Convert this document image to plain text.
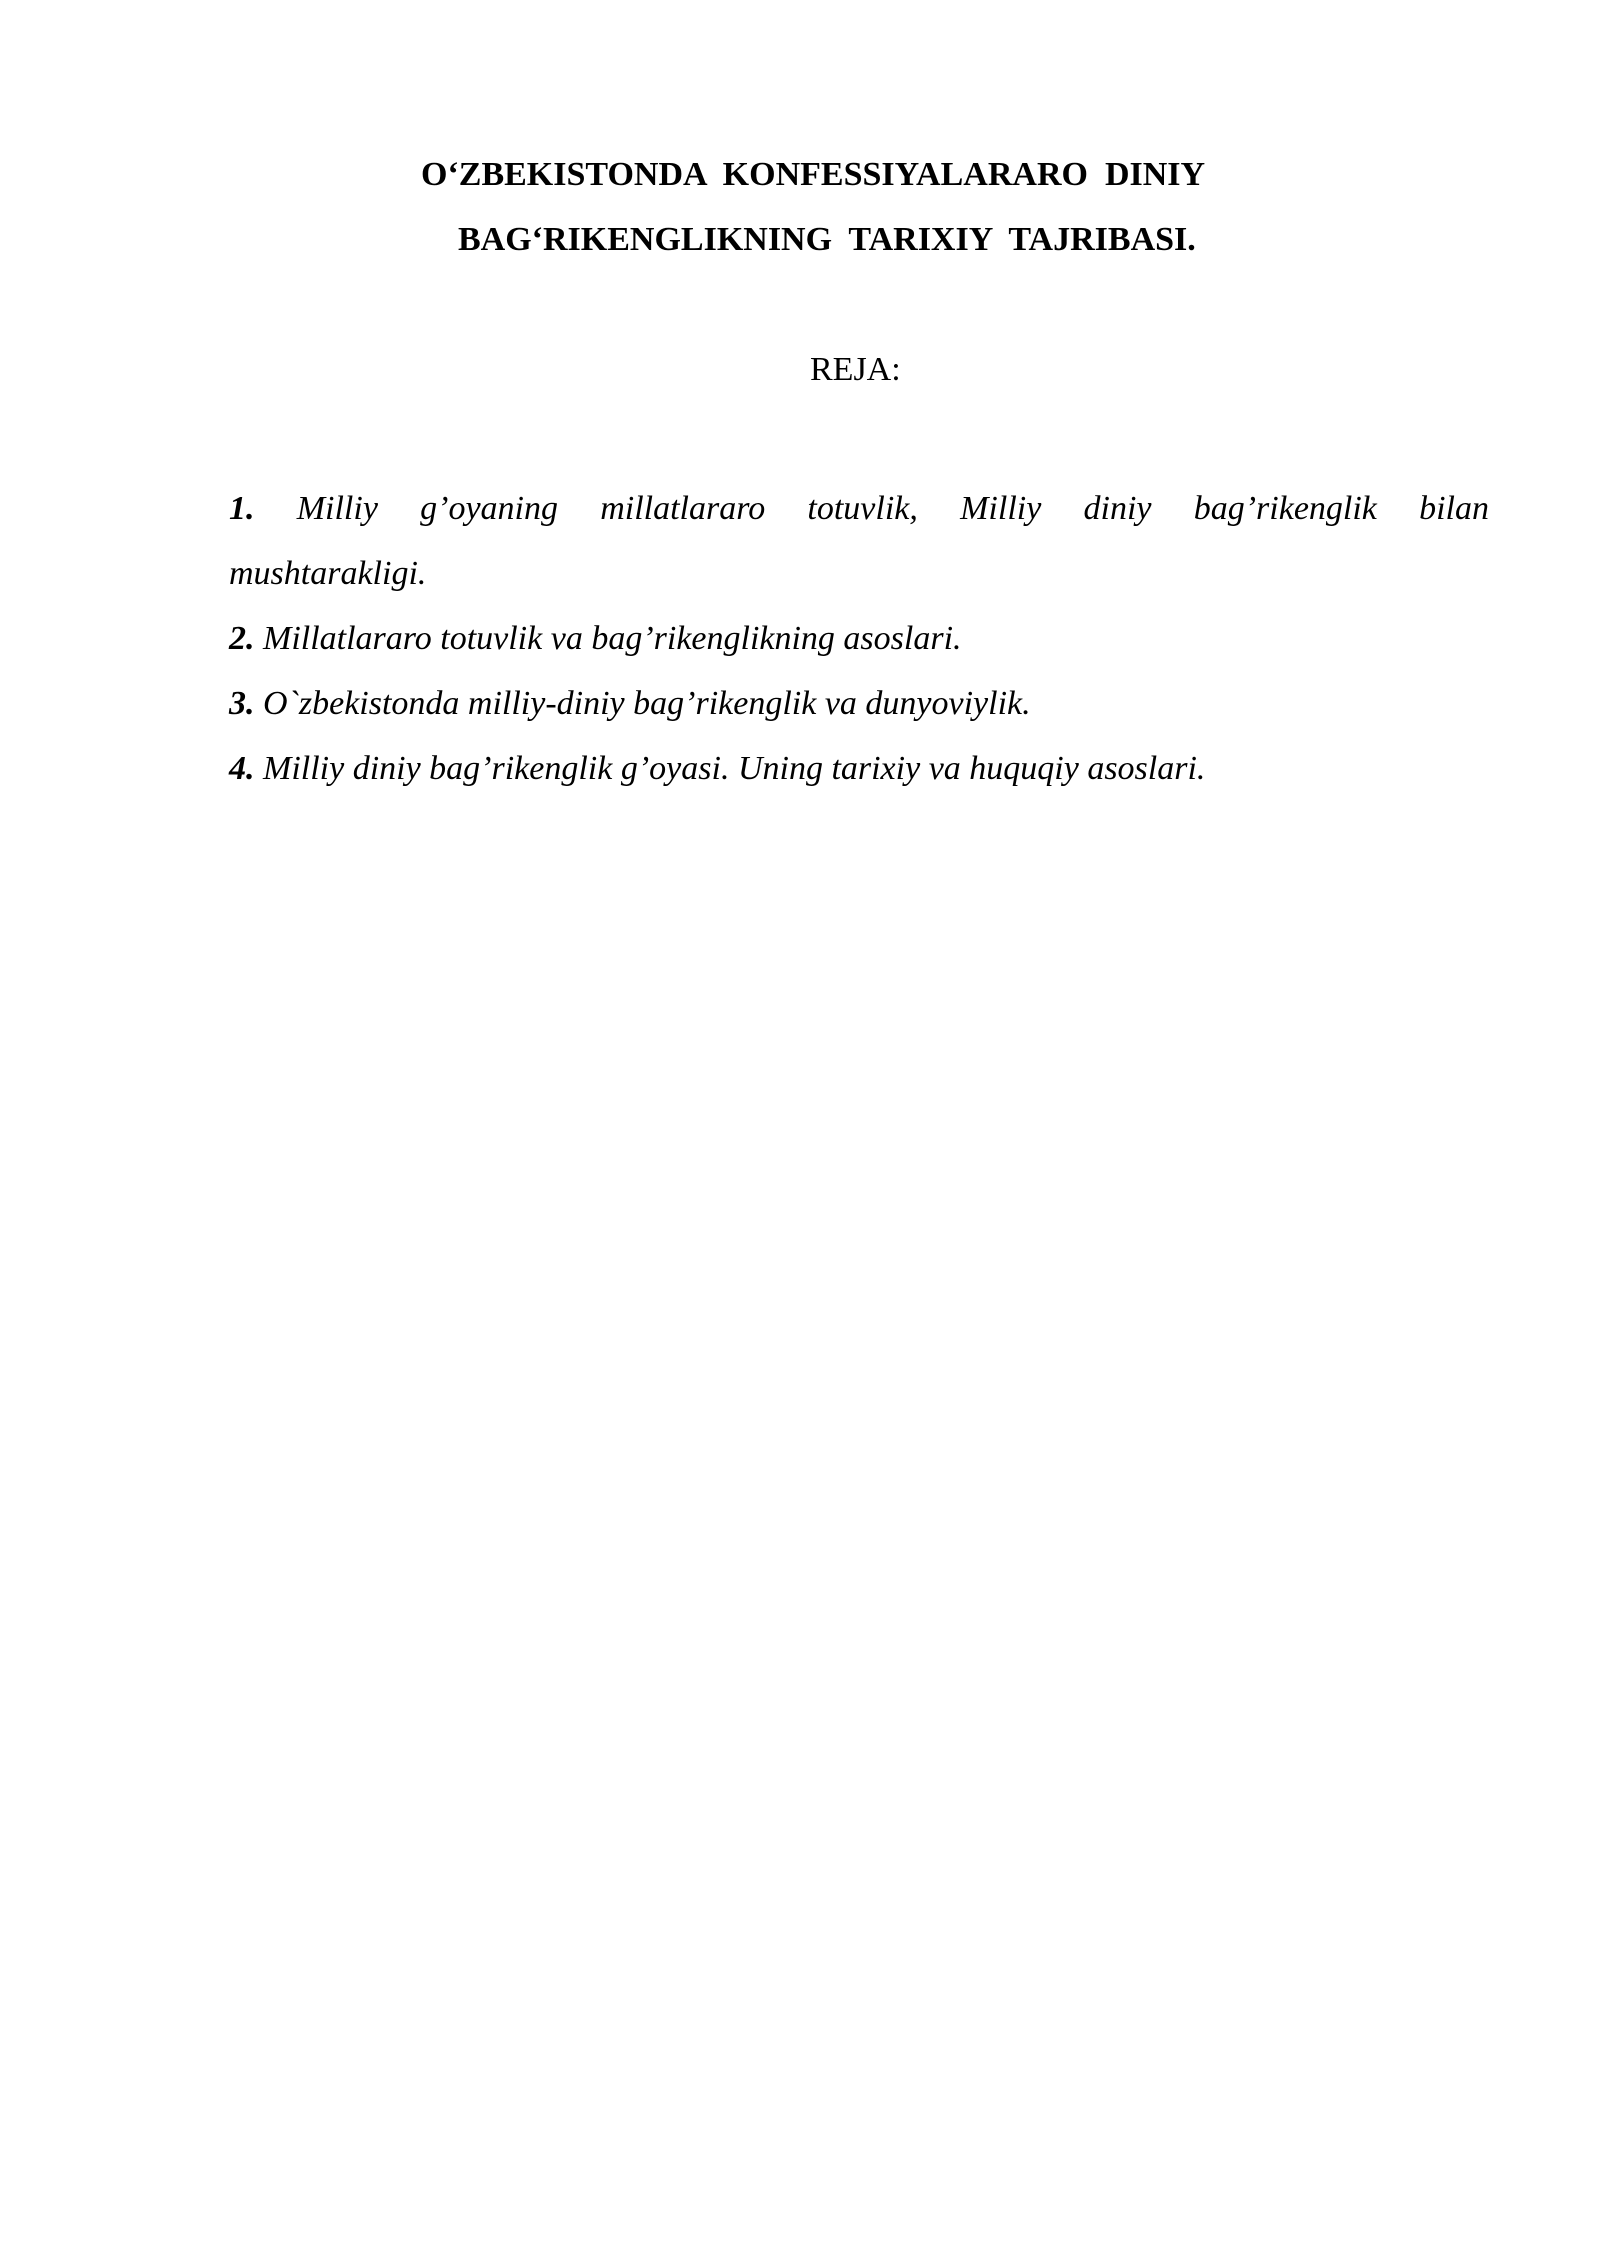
O‘ZBEKISTONDA  KONFESSIYALARARO  DINIY
BAG‘RIKENGLIKNING  TARIXIY  TAJRIBASI.
REJA:
1. Milliy g’oyaning millatlararo totuvlik, Milliy diniy bag’rikenglik bilan
mushtarakligi.
2. Millatlararo totuvlik va bag’rikenglikning asoslari.
3. O`zbekistonda milliy-diniy bag’rikenglik va dunyoviylik.
4. Milliy diniy bag’rikenglik g’oyasi. Uning tarixiy va huquqiy asoslari.
